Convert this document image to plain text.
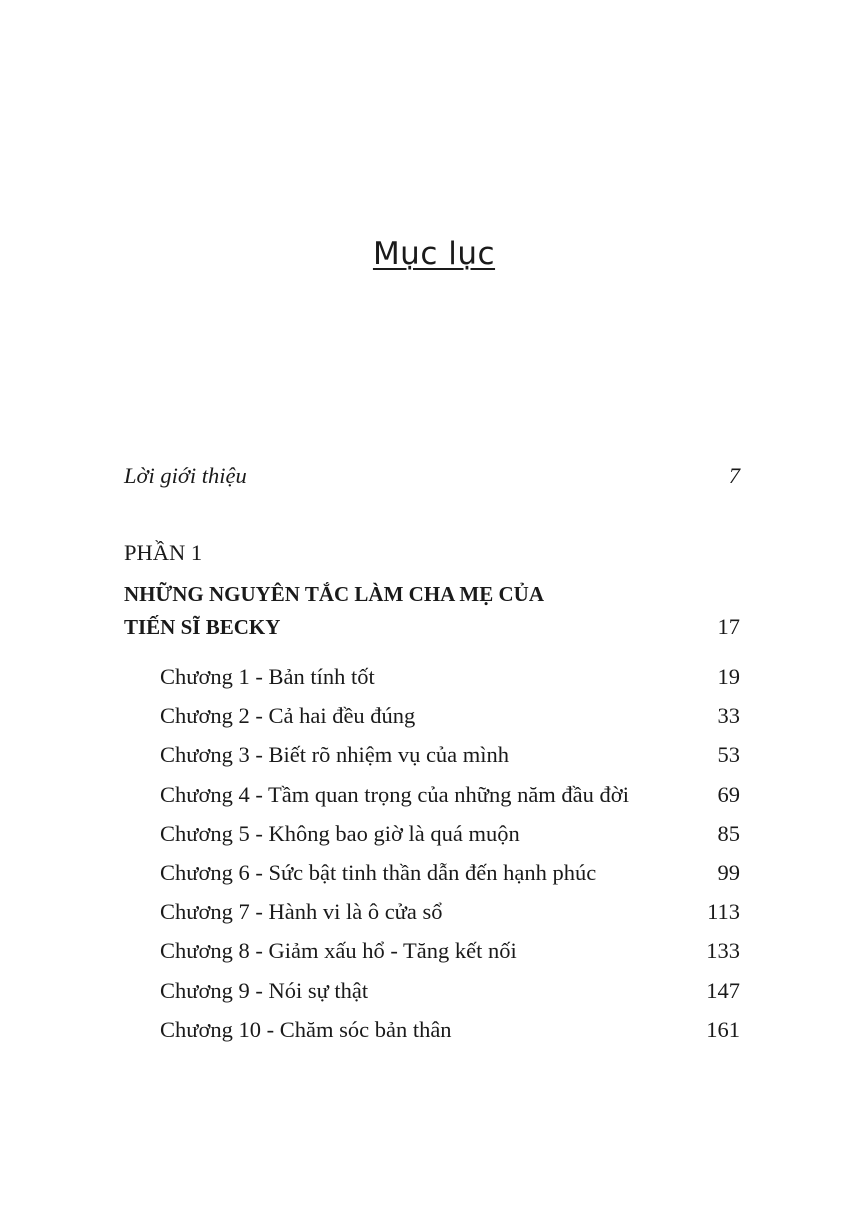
Mục lục
Lời giới thiệu	7
PHẦN 1
NHỮNG NGUYÊN TẮC LÀM CHA MẸ CỦA
TIẾN SĨ BECKY	17
Chương 1 - Bản tính tốt	19
Chương 2 - Cả hai đều đúng	33
Chương 3 - Biết rõ nhiệm vụ của mình	53
Chương 4 - Tầm quan trọng của những năm đầu đời	69
Chương 5 - Không bao giờ là quá muộn	85
Chương 6 - Sức bật tinh thần dẫn đến hạnh phúc	99
Chương 7 - Hành vi là ô cửa sổ	113
Chương 8 - Giảm xấu hổ - Tăng kết nối	133
Chương 9 - Nói sự thật	147
Chương 10 - Chăm sóc bản thân	161
